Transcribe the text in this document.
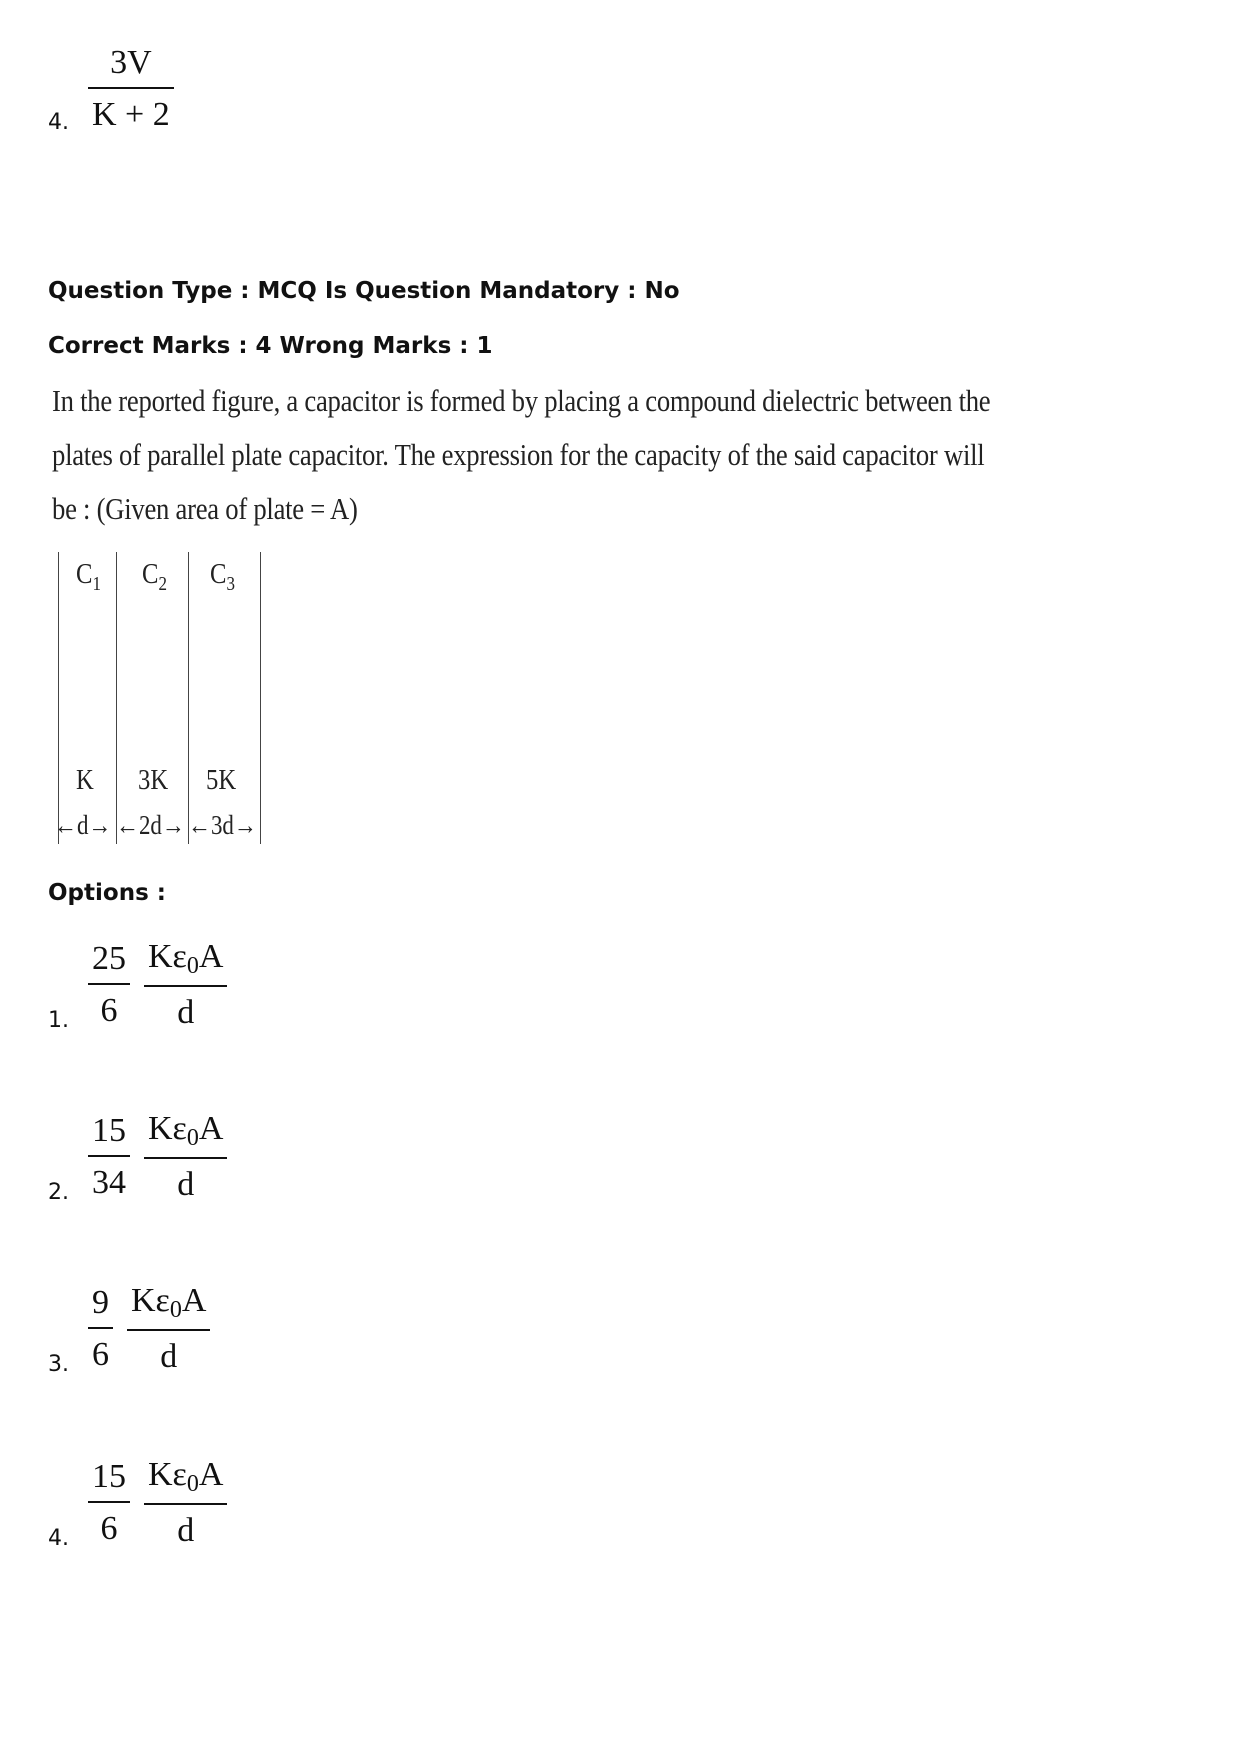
4. $\frac{3V}{K + 2}$
Question Type : MCQ Is Question Mandatory : No
Correct Marks : 4 Wrong Marks : 1
In the reported figure, a capacitor is formed by placing a compound dielectric between the
plates of parallel plate capacitor. The expression for the capacity of the said capacitor will
be : (Given area of plate = A)
$C_1$ $C_2$ $C_3$
K 3K 5K
←d→ ←2d→ ←3d→
Options :
1. $\frac{25}{6} \frac{K\varepsilon_0A}{d}$
2. $\frac{15}{34} \frac{K\varepsilon_0A}{d}$
3. $\frac{9}{6} \frac{K\varepsilon_0A}{d}$
4. $\frac{15}{6} \frac{K\varepsilon_0A}{d}$
